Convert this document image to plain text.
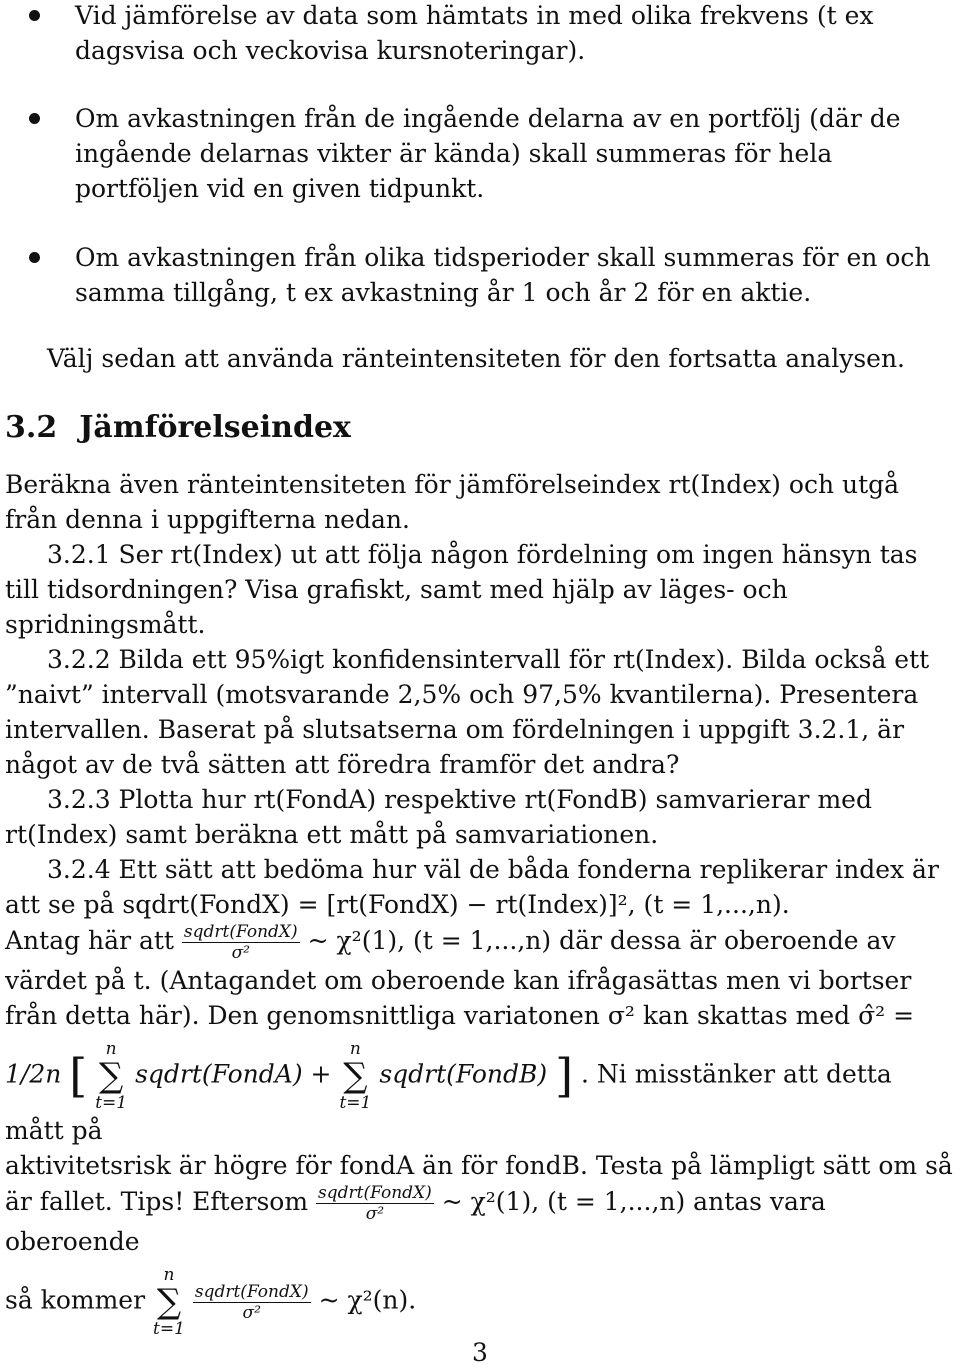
Vid jämförelse av data som hämtats in med olika frekvens (t ex dagsvisa och veckovisa kursnoteringar).
Om avkastningen från de ingående delarna av en portfölj (där de ingående delarnas vikter är kända) skall summeras för hela portföljen vid en given tidpunkt.
Om avkastningen från olika tidsperioder skall summeras för en och samma tillgång, t ex avkastning år 1 och år 2 för en aktie.

Välj sedan att använda ränteintensiteten för den fortsatta analysen.

3.2 Jämförelseindex

Beräkna även ränteintensiteten för jämförelseindex rt(Index) och utgå från denna i uppgifterna nedan.

3.2.1 Ser rt(Index) ut att följa någon fördelning om ingen hänsyn tas till tidsordningen? Visa grafiskt, samt med hjälp av läges- och spridningsmått.

3.2.2 Bilda ett 95%igt konfidensintervall för rt(Index). Bilda också ett ”naivt” intervall (motsvarande 2,5% och 97,5% kvantilerna). Presentera intervallen. Baserat på slutsatserna om fördelningen i uppgift 3.2.1, är något av de två sätten att föredra framför det andra?

3.2.3 Plotta hur rt(FondA) respektive rt(FondB) samvarierar med rt(Index) samt beräkna ett mått på samvariationen.

3.2.4 Ett sätt att bedöma hur väl de båda fonderna replikerar index är att se på sqdrt(FondX) = [rt(FondX) − rt(Index)]², (t = 1,...,n).

Antag här att $\frac{\text{sqdrt(FondX)}}{\text{σ²}}$ ~ χ²(1), (t = 1,...,n) där dessa är oberoende av värdet på t. (Antagandet om oberoende kan ifrågasättas men vi bortser från detta här). Den genomsnittliga variatonen σ² kan skattas med σ̂² =

1/2n [	n
∑
t=1
sqdrt(FondA) +
n
∑
t=1
sqdrt(FondB) ] . Ni misstänker att detta mått på

aktivitetsrisk är högre för fondA än för fondB. Testa på lämpligt sätt om så är fallet. Tips! Eftersom $\frac{\text{sqdrt(FondX)}}{\text{σ²}}$ ~ χ²(1), (t = 1,...,n) antas vara oberoende

så kommer
n
∑
t=1

$\frac{\text{sqdrt(FondX)}}{\text{σ²}}$ ~ χ²(n).

3
